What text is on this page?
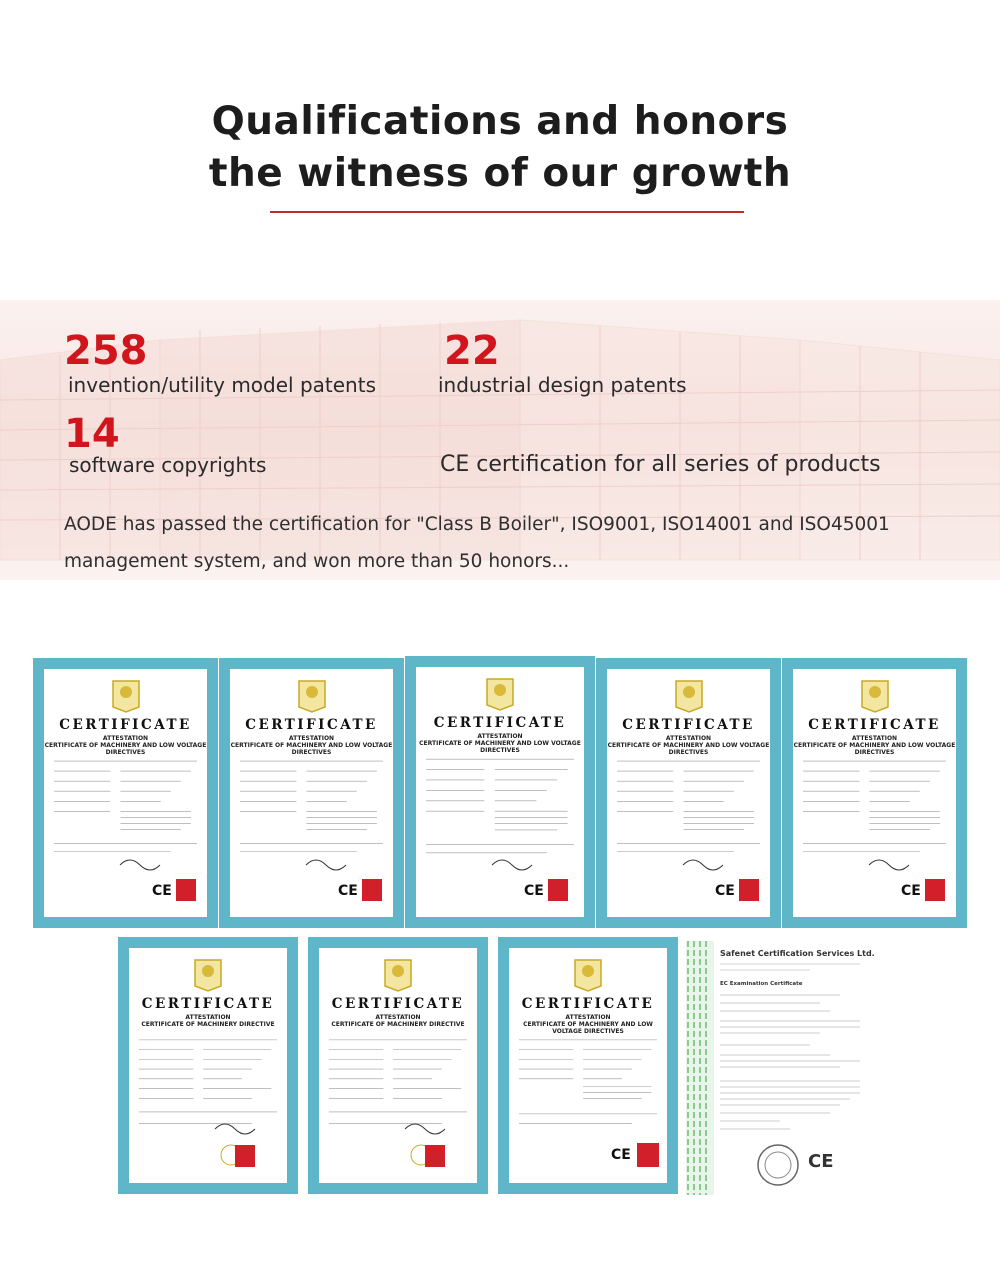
Qualifications and honors
the witness of our growth
258
invention/utility model patents
22
industrial design patents
14
software copyrights	CE certification for all series of products
AODE has passed the certification for "Class B Boiler", ISO9001, ISO14001 and ISO45001 management system, and won more than 50 honors...
CERTIFICATE
ATTESTATION
CERTIFICATE OF MACHINERY AND LOW VOLTAGE DIRECTIVES
CE
CERTIFICATE
ATTESTATION
CERTIFICATE OF MACHINERY AND LOW VOLTAGE DIRECTIVES
CE
CERTIFICATE
ATTESTATION
CERTIFICATE OF MACHINERY AND LOW VOLTAGE DIRECTIVES
CE
CERTIFICATE
ATTESTATION
CERTIFICATE OF MACHINERY AND LOW VOLTAGE DIRECTIVES
CE
CERTIFICATE
ATTESTATION
CERTIFICATE OF MACHINERY AND LOW VOLTAGE DIRECTIVES
CE
CERTIFICATE
ATTESTATION
CERTIFICATE OF MACHINERY DIRECTIVE
CERTIFICATE
ATTESTATION
CERTIFICATE OF MACHINERY DIRECTIVE
CERTIFICATE
ATTESTATION
CERTIFICATE OF MACHINERY AND LOW VOLTAGE DIRECTIVES
CE
Safenet Certification Services Ltd.
EC Examination Certificate
CE
